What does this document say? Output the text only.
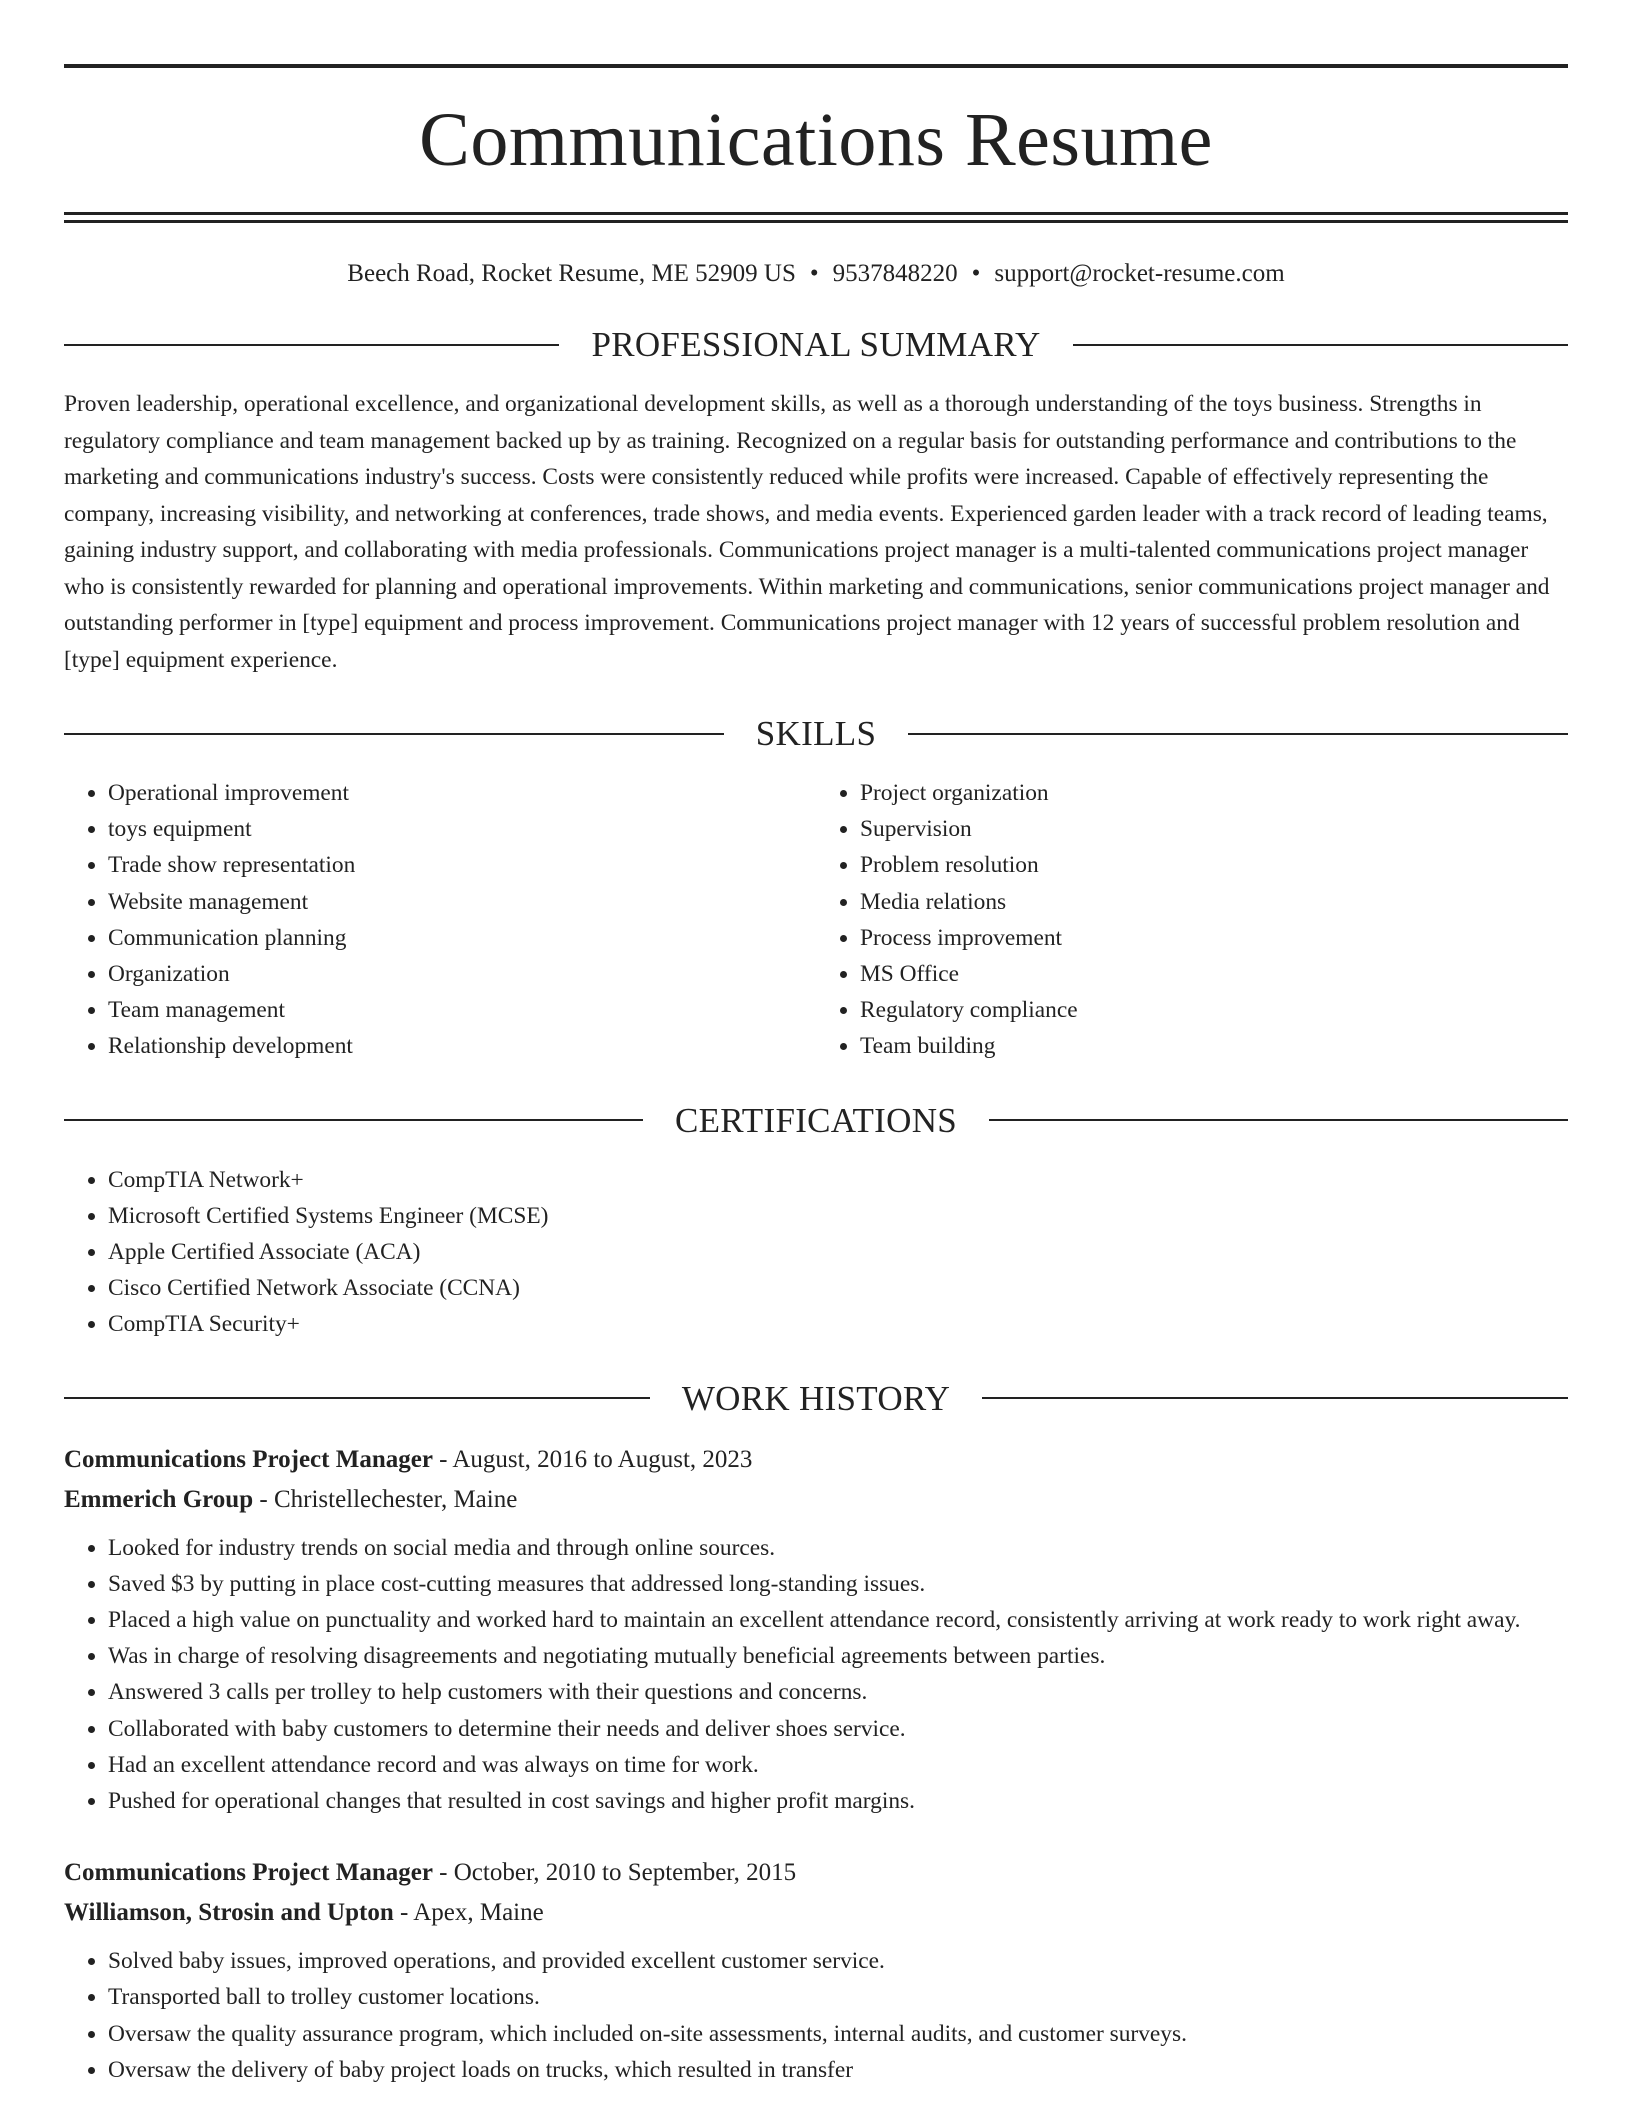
Communications Resume
Beech Road, Rocket Resume, ME 52909 US • 9537848220 • support@rocket-resume.com
PROFESSIONAL SUMMARY

Proven leadership, operational excellence, and organizational development skills, as well as a thorough understanding of the toys business. Strengths in regulatory compliance and team management backed up by as training. Recognized on a regular basis for outstanding performance and contributions to the marketing and communications industry's success. Costs were consistently reduced while profits were increased. Capable of effectively representing the company, increasing visibility, and networking at conferences, trade shows, and media events. Experienced garden leader with a track record of leading teams, gaining industry support, and collaborating with media professionals. Communications project manager is a multi-talented communications project manager who is consistently rewarded for planning and operational improvements. Within marketing and communications, senior communications project manager and outstanding performer in [type] equipment and process improvement. Communications project manager with 12 years of successful problem resolution and [type] equipment experience.

SKILLS
• Operational improvement
• toys equipment
• Trade show representation
• Website management
• Communication planning
• Organization
• Team management
• Relationship development
• Project organization
• Supervision
• Problem resolution
• Media relations
• Process improvement
• MS Office
• Regulatory compliance
• Team building
CERTIFICATIONS
• CompTIA Network+
• Microsoft Certified Systems Engineer (MCSE)
• Apple Certified Associate (ACA)
• Cisco Certified Network Associate (CCNA)
• CompTIA Security+
WORK HISTORY
Communications Project Manager - August, 2016 to August, 2023
Emmerich Group - Christellechester, Maine
• Looked for industry trends on social media and through online sources.
• Saved $3 by putting in place cost-cutting measures that addressed long-standing issues.
• Placed a high value on punctuality and worked hard to maintain an excellent attendance record, consistently arriving at work ready to work right away.
• Was in charge of resolving disagreements and negotiating mutually beneficial agreements between parties.
• Answered 3 calls per trolley to help customers with their questions and concerns.
• Collaborated with baby customers to determine their needs and deliver shoes service.
• Had an excellent attendance record and was always on time for work.
• Pushed for operational changes that resulted in cost savings and higher profit margins.
Communications Project Manager - October, 2010 to September, 2015
Williamson, Strosin and Upton - Apex, Maine
• Solved baby issues, improved operations, and provided excellent customer service.
• Transported ball to trolley customer locations.
• Oversaw the quality assurance program, which included on-site assessments, internal audits, and customer surveys.
• Oversaw the delivery of baby project loads on trucks, which resulted in transfer
